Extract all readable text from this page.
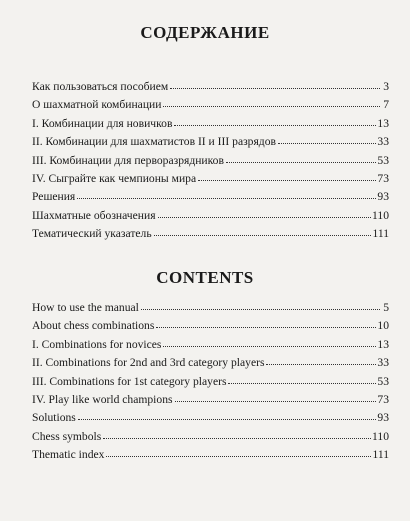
СОДЕРЖАНИЕ
Как пользоваться пособием	3
О шахматной комбинации	7
I. Комбинации для новичков	13
II. Комбинации для шахматистов II и III разрядов	33
III. Комбинации для перворазрядников	53
IV. Сыграйте как чемпионы мира	73
Решения	93
Шахматные обозначения	110
Тематический указатель	111
CONTENTS
How to use the manual	5
About chess combinations	10
I. Combinations for novices	13
II. Combinations for 2nd and 3rd category players	33
III. Combinations for 1st category players	53
IV. Play like world champions	73
Solutions	93
Chess symbols	110
Thematic index	111
